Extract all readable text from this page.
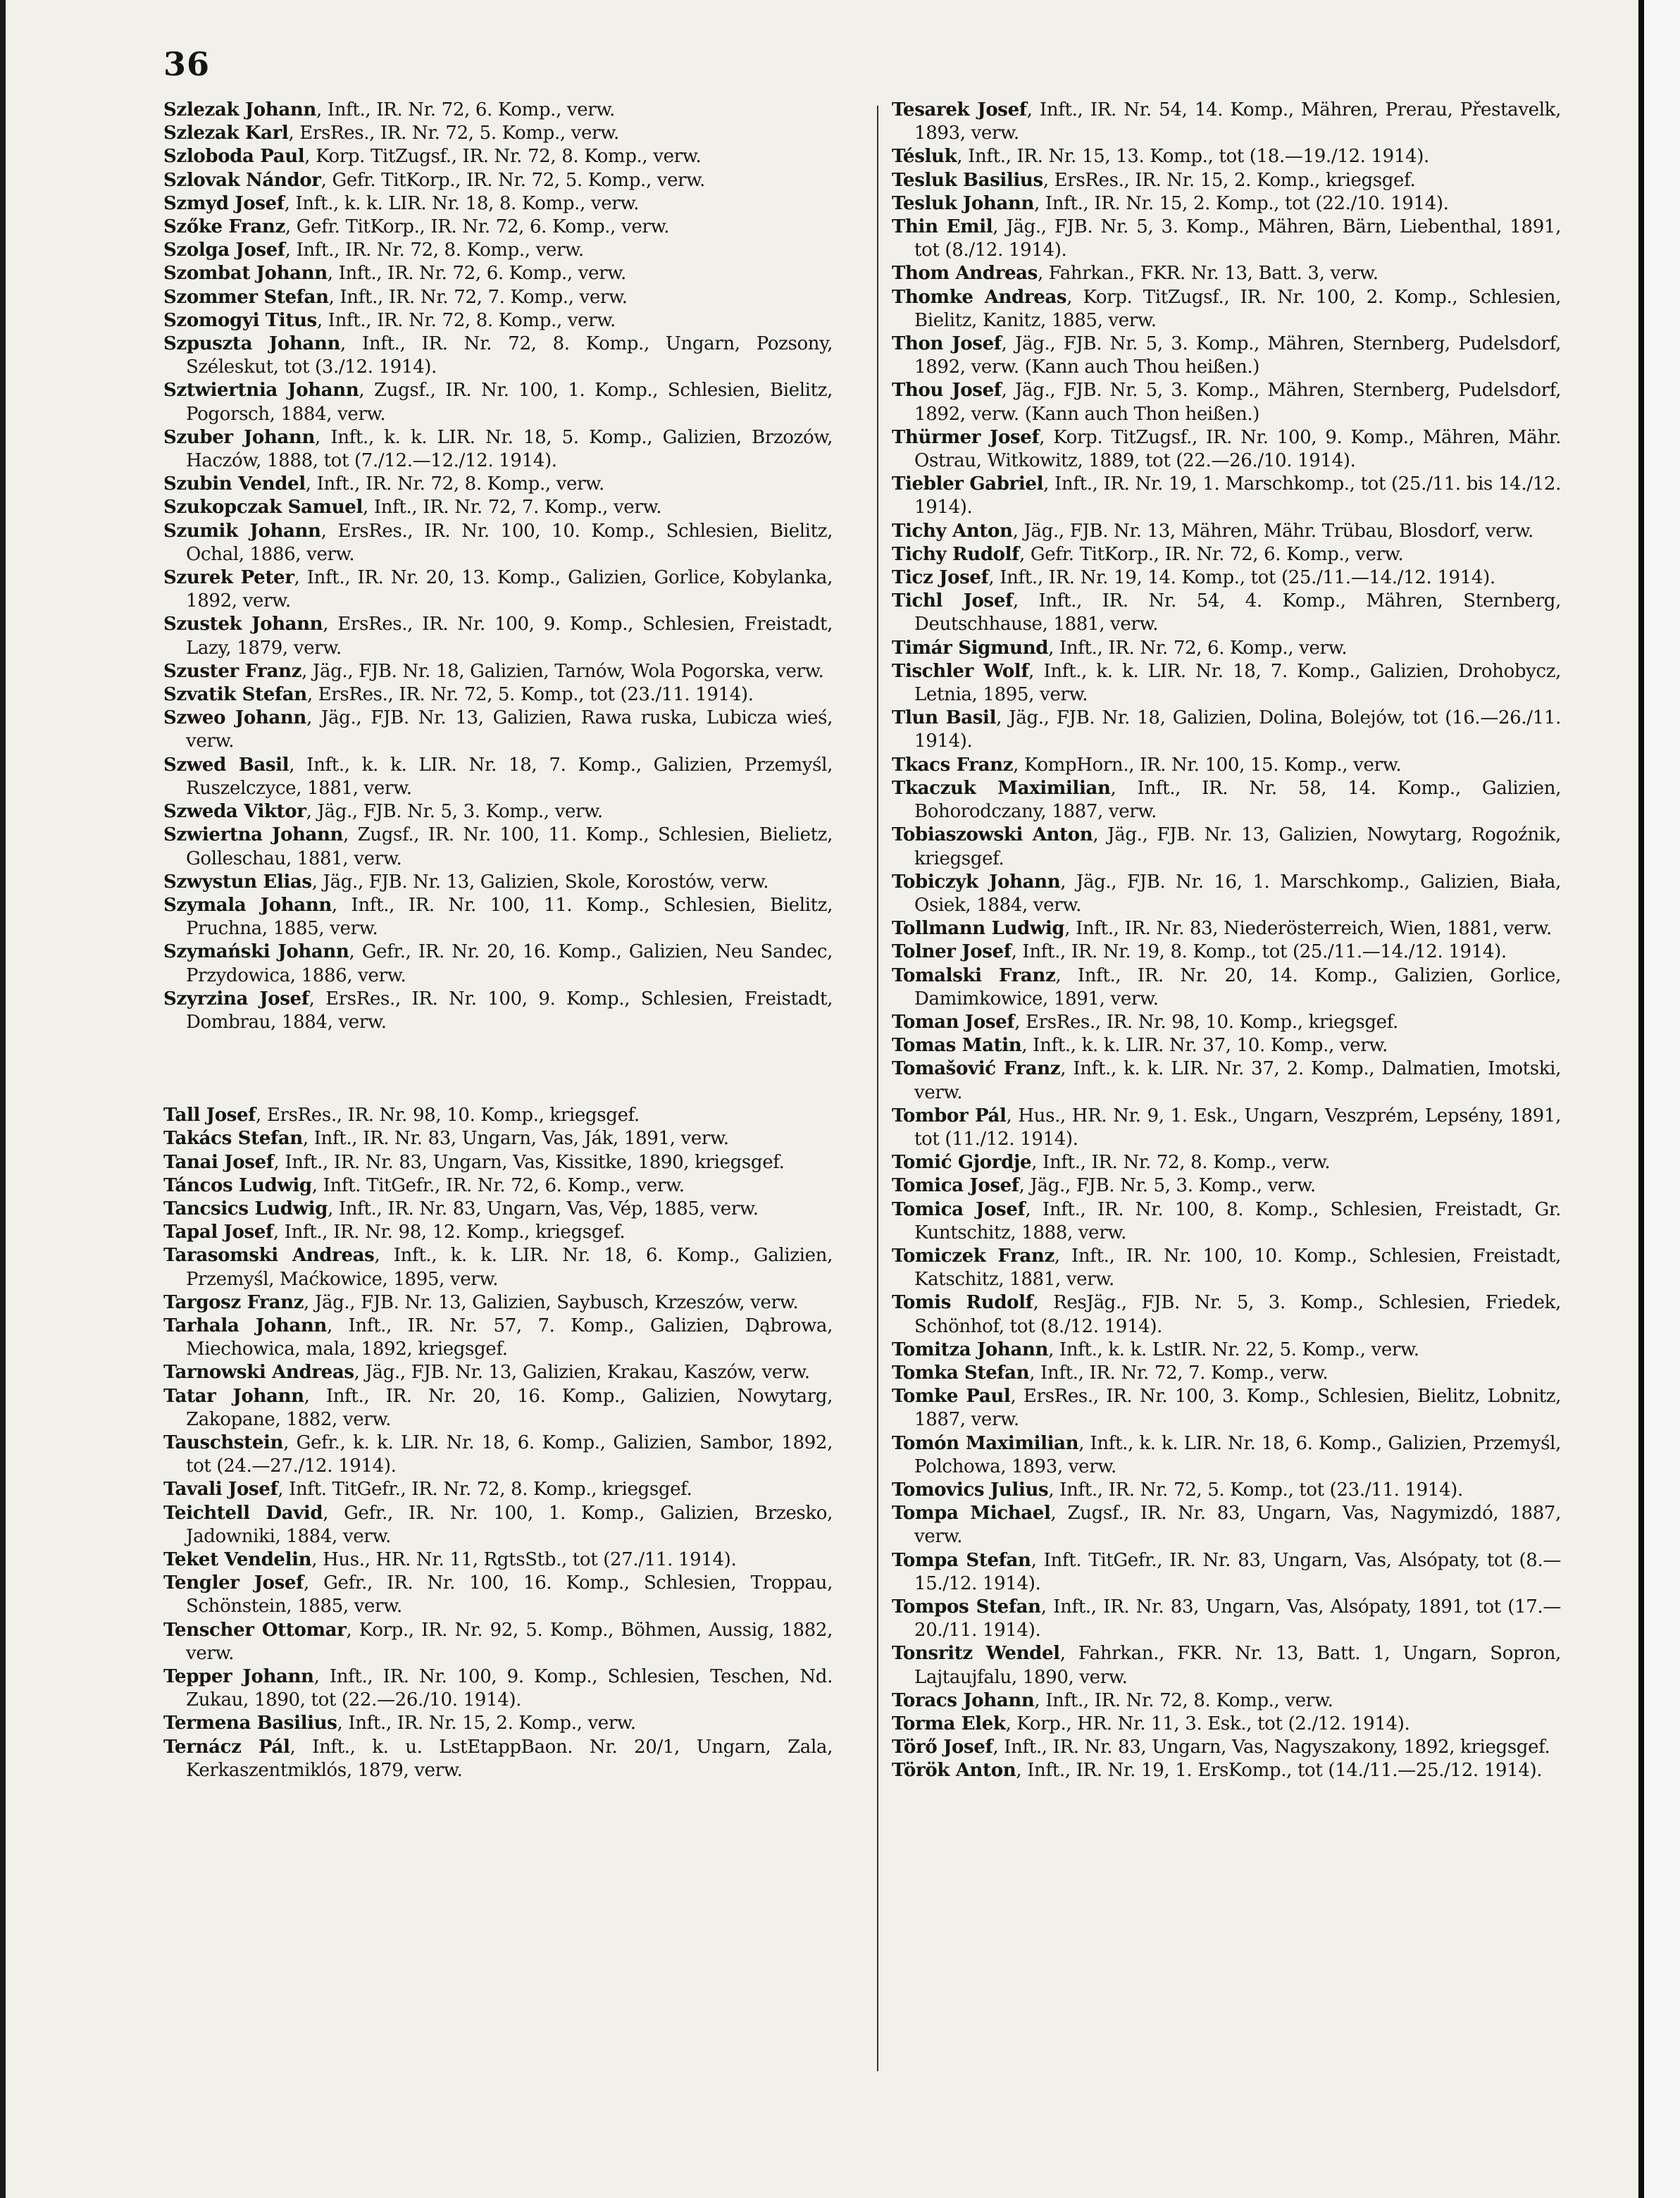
36

Szlezak Johann, Inft., IR. Nr. 72, 6. Komp., verw.

Szlezak Karl, ErsRes., IR. Nr. 72, 5. Komp., verw.

Szloboda Paul, Korp. TitZugsf., IR. Nr. 72, 8. Komp., verw.

Szlovak Nándor, Gefr. TitKorp., IR. Nr. 72, 5. Komp., verw.

Szmyd Josef, Inft., k. k. LIR. Nr. 18, 8. Komp., verw.

Szőke Franz, Gefr. TitKorp., IR. Nr. 72, 6. Komp., verw.

Szolga Josef, Inft., IR. Nr. 72, 8. Komp., verw.

Szombat Johann, Inft., IR. Nr. 72, 6. Komp., verw.

Szommer Stefan, Inft., IR. Nr. 72, 7. Komp., verw.

Szomogyi Titus, Inft., IR. Nr. 72, 8. Komp., verw.

Szpuszta Johann, Inft., IR. Nr. 72, 8. Komp., Ungarn, Pozsony, Széleskut, tot (3./12. 1914).

Sztwiertnia Johann, Zugsf., IR. Nr. 100, 1. Komp., Schlesien, Bielitz, Pogorsch, 1884, verw.

Szuber Johann, Inft., k. k. LIR. Nr. 18, 5. Komp., Galizien, Brzozów, Haczów, 1888, tot (7./12.—12./12. 1914).

Szubin Vendel, Inft., IR. Nr. 72, 8. Komp., verw.

Szukopczak Samuel, Inft., IR. Nr. 72, 7. Komp., verw.

Szumik Johann, ErsRes., IR. Nr. 100, 10. Komp., Schlesien, Bielitz, Ochal, 1886, verw.

Szurek Peter, Inft., IR. Nr. 20, 13. Komp., Galizien, Gorlice, Kobylanka, 1892, verw.

Szustek Johann, ErsRes., IR. Nr. 100, 9. Komp., Schlesien, Freistadt, Lazy, 1879, verw.

Szuster Franz, Jäg., FJB. Nr. 18, Galizien, Tarnów, Wola Pogorska, verw.

Szvatik Stefan, ErsRes., IR. Nr. 72, 5. Komp., tot (23./11. 1914).

Szweo Johann, Jäg., FJB. Nr. 13, Galizien, Rawa ruska, Lubicza wieś, verw.

Szwed Basil, Inft., k. k. LIR. Nr. 18, 7. Komp., Galizien, Przemyśl, Ruszelczyce, 1881, verw.

Szweda Viktor, Jäg., FJB. Nr. 5, 3. Komp., verw.

Szwiertna Johann, Zugsf., IR. Nr. 100, 11. Komp., Schlesien, Bielietz, Golleschau, 1881, verw.

Szwystun Elias, Jäg., FJB. Nr. 13, Galizien, Skole, Korostów, verw.

Szymala Johann, Inft., IR. Nr. 100, 11. Komp., Schlesien, Bielitz, Pruchna, 1885, verw.

Szymański Johann, Gefr., IR. Nr. 20, 16. Komp., Galizien, Neu Sandec, Przydowica, 1886, verw.

Szyrzina Josef, ErsRes., IR. Nr. 100, 9. Komp., Schlesien, Freistadt, Dombrau, 1884, verw.

Tall Josef, ErsRes., IR. Nr. 98, 10. Komp., kriegsgef.

Takács Stefan, Inft., IR. Nr. 83, Ungarn, Vas, Ják, 1891, verw.

Tanai Josef, Inft., IR. Nr. 83, Ungarn, Vas, Kissitke, 1890, kriegsgef.

Táncos Ludwig, Inft. TitGefr., IR. Nr. 72, 6. Komp., verw.

Tancsics Ludwig, Inft., IR. Nr. 83, Ungarn, Vas, Vép, 1885, verw.

Tapal Josef, Inft., IR. Nr. 98, 12. Komp., kriegsgef.

Tarasomski Andreas, Inft., k. k. LIR. Nr. 18, 6. Komp., Galizien, Przemyśl, Maćkowice, 1895, verw.

Targosz Franz, Jäg., FJB. Nr. 13, Galizien, Saybusch, Krzeszów, verw.

Tarhala Johann, Inft., IR. Nr. 57, 7. Komp., Galizien, Dąbrowa, Miechowica, mala, 1892, kriegsgef.

Tarnowski Andreas, Jäg., FJB. Nr. 13, Galizien, Krakau, Kaszów, verw.

Tatar Johann, Inft., IR. Nr. 20, 16. Komp., Galizien, Nowytarg, Zakopane, 1882, verw.

Tauschstein, Gefr., k. k. LIR. Nr. 18, 6. Komp., Galizien, Sambor, 1892, tot (24.—27./12. 1914).

Tavali Josef, Inft. TitGefr., IR. Nr. 72, 8. Komp., kriegsgef.

Teichtell David, Gefr., IR. Nr. 100, 1. Komp., Galizien, Brzesko, Jadowniki, 1884, verw.

Teket Vendelin, Hus., HR. Nr. 11, RgtsStb., tot (27./11. 1914).

Tengler Josef, Gefr., IR. Nr. 100, 16. Komp., Schlesien, Troppau, Schönstein, 1885, verw.

Tenscher Ottomar, Korp., IR. Nr. 92, 5. Komp., Böhmen, Aussig, 1882, verw.

Tepper Johann, Inft., IR. Nr. 100, 9. Komp., Schlesien, Teschen, Nd. Zukau, 1890, tot (22.—26./10. 1914).

Termena Basilius, Inft., IR. Nr. 15, 2. Komp., verw.

Ternácz Pál, Inft., k. u. LstEtappBaon. Nr. 20/1, Ungarn, Zala, Kerkaszentmiklós, 1879, verw.

Tesarek Josef, Inft., IR. Nr. 54, 14. Komp., Mähren, Prerau, Přestavelk, 1893, verw.

Tésluk, Inft., IR. Nr. 15, 13. Komp., tot (18.—19./12. 1914).

Tesluk Basilius, ErsRes., IR. Nr. 15, 2. Komp., kriegsgef.

Tesluk Johann, Inft., IR. Nr. 15, 2. Komp., tot (22./10. 1914).

Thin Emil, Jäg., FJB. Nr. 5, 3. Komp., Mähren, Bärn, Liebenthal, 1891, tot (8./12. 1914).

Thom Andreas, Fahrkan., FKR. Nr. 13, Batt. 3, verw.

Thomke Andreas, Korp. TitZugsf., IR. Nr. 100, 2. Komp., Schlesien, Bielitz, Kanitz, 1885, verw.

Thon Josef, Jäg., FJB. Nr. 5, 3. Komp., Mähren, Sternberg, Pudelsdorf, 1892, verw. (Kann auch Thou heißen.)

Thou Josef, Jäg., FJB. Nr. 5, 3. Komp., Mähren, Sternberg, Pudelsdorf, 1892, verw. (Kann auch Thon heißen.)

Thürmer Josef, Korp. TitZugsf., IR. Nr. 100, 9. Komp., Mähren, Mähr. Ostrau, Witkowitz, 1889, tot (22.—26./10. 1914).

Tiebler Gabriel, Inft., IR. Nr. 19, 1. Marschkomp., tot (25./11. bis 14./12. 1914).

Tichy Anton, Jäg., FJB. Nr. 13, Mähren, Mähr. Trübau, Blosdorf, verw.

Tichy Rudolf, Gefr. TitKorp., IR. Nr. 72, 6. Komp., verw.

Ticz Josef, Inft., IR. Nr. 19, 14. Komp., tot (25./11.—14./12. 1914).

Tichl Josef, Inft., IR. Nr. 54, 4. Komp., Mähren, Sternberg, Deutschhause, 1881, verw.

Timár Sigmund, Inft., IR. Nr. 72, 6. Komp., verw.

Tischler Wolf, Inft., k. k. LIR. Nr. 18, 7. Komp., Galizien, Drohobycz, Letnia, 1895, verw.

Tlun Basil, Jäg., FJB. Nr. 18, Galizien, Dolina, Bolejów, tot (16.—26./11. 1914).

Tkacs Franz, KompHorn., IR. Nr. 100, 15. Komp., verw.

Tkaczuk Maximilian, Inft., IR. Nr. 58, 14. Komp., Galizien, Bohorodczany, 1887, verw.

Tobiaszowski Anton, Jäg., FJB. Nr. 13, Galizien, Nowytarg, Rogoźnik, kriegsgef.

Tobiczyk Johann, Jäg., FJB. Nr. 16, 1. Marschkomp., Galizien, Biała, Osiek, 1884, verw.

Tollmann Ludwig, Inft., IR. Nr. 83, Niederösterreich, Wien, 1881, verw.

Tolner Josef, Inft., IR. Nr. 19, 8. Komp., tot (25./11.—14./12. 1914).

Tomalski Franz, Inft., IR. Nr. 20, 14. Komp., Galizien, Gorlice, Damimkowice, 1891, verw.

Toman Josef, ErsRes., IR. Nr. 98, 10. Komp., kriegsgef.

Tomas Matin, Inft., k. k. LIR. Nr. 37, 10. Komp., verw.

Tomašović Franz, Inft., k. k. LIR. Nr. 37, 2. Komp., Dalmatien, Imotski, verw.

Tombor Pál, Hus., HR. Nr. 9, 1. Esk., Ungarn, Veszprém, Lepsény, 1891, tot (11./12. 1914).

Tomić Gjordje, Inft., IR. Nr. 72, 8. Komp., verw.

Tomica Josef, Jäg., FJB. Nr. 5, 3. Komp., verw.

Tomica Josef, Inft., IR. Nr. 100, 8. Komp., Schlesien, Freistadt, Gr. Kuntschitz, 1888, verw.

Tomiczek Franz, Inft., IR. Nr. 100, 10. Komp., Schlesien, Freistadt, Katschitz, 1881, verw.

Tomis Rudolf, ResJäg., FJB. Nr. 5, 3. Komp., Schlesien, Friedek, Schönhof, tot (8./12. 1914).

Tomitza Johann, Inft., k. k. LstIR. Nr. 22, 5. Komp., verw.

Tomka Stefan, Inft., IR. Nr. 72, 7. Komp., verw.

Tomke Paul, ErsRes., IR. Nr. 100, 3. Komp., Schlesien, Bielitz, Lobnitz, 1887, verw.

Tomón Maximilian, Inft., k. k. LIR. Nr. 18, 6. Komp., Galizien, Przemyśl, Polchowa, 1893, verw.

Tomovics Julius, Inft., IR. Nr. 72, 5. Komp., tot (23./11. 1914).

Tompa Michael, Zugsf., IR. Nr. 83, Ungarn, Vas, Nagymizdó, 1887, verw.

Tompa Stefan, Inft. TitGefr., IR. Nr. 83, Ungarn, Vas, Alsópaty, tot (8.—15./12. 1914).

Tompos Stefan, Inft., IR. Nr. 83, Ungarn, Vas, Alsópaty, 1891, tot (17.—20./11. 1914).

Tonsritz Wendel, Fahrkan., FKR. Nr. 13, Batt. 1, Ungarn, Sopron, Lajtaujfalu, 1890, verw.

Toracs Johann, Inft., IR. Nr. 72, 8. Komp., verw.

Torma Elek, Korp., HR. Nr. 11, 3. Esk., tot (2./12. 1914).

Törő Josef, Inft., IR. Nr. 83, Ungarn, Vas, Nagyszakony, 1892, kriegsgef.

Török Anton, Inft., IR. Nr. 19, 1. ErsKomp., tot (14./11.—25./12. 1914).
